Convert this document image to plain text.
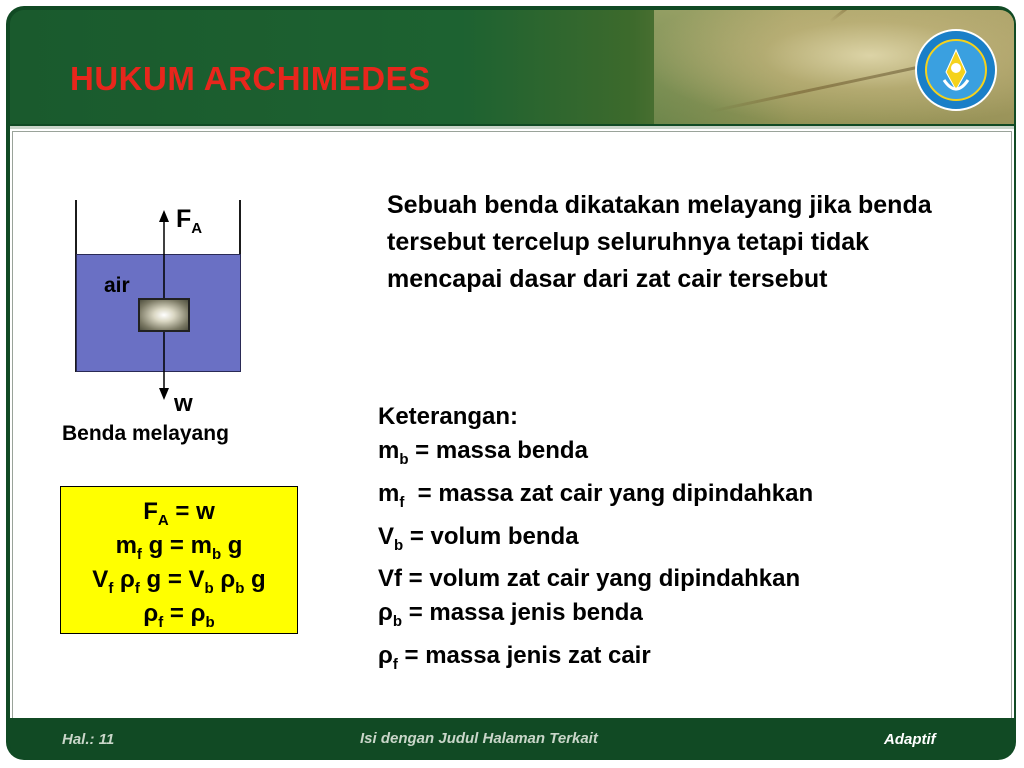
HUKUM ARCHIMEDES
$F_A$
air
w
Benda melayang

Sebuah benda dikatakan melayang jika benda tersebut tercelup seluruhnya tetapi tidak mencapai dasar dari zat cair tersebut

$F_A = w$
$m_f$ $g = m_b$ g
$V_f$ $\rho_f$ $g = V_b$ $\rho_b$ g
$\rho_f = \rho_b$
Keterangan:
$m_b$ = massa benda
$m_f$  = massa zat cair yang dipindahkan
$V_b$ = volum benda
Vf = volum zat cair yang dipindahkan
$\rho_b$ = massa jenis benda
$\rho_f$ = massa jenis zat cair
Hal.: 11	Isi dengan Judul Halaman Terkait	Adaptif
